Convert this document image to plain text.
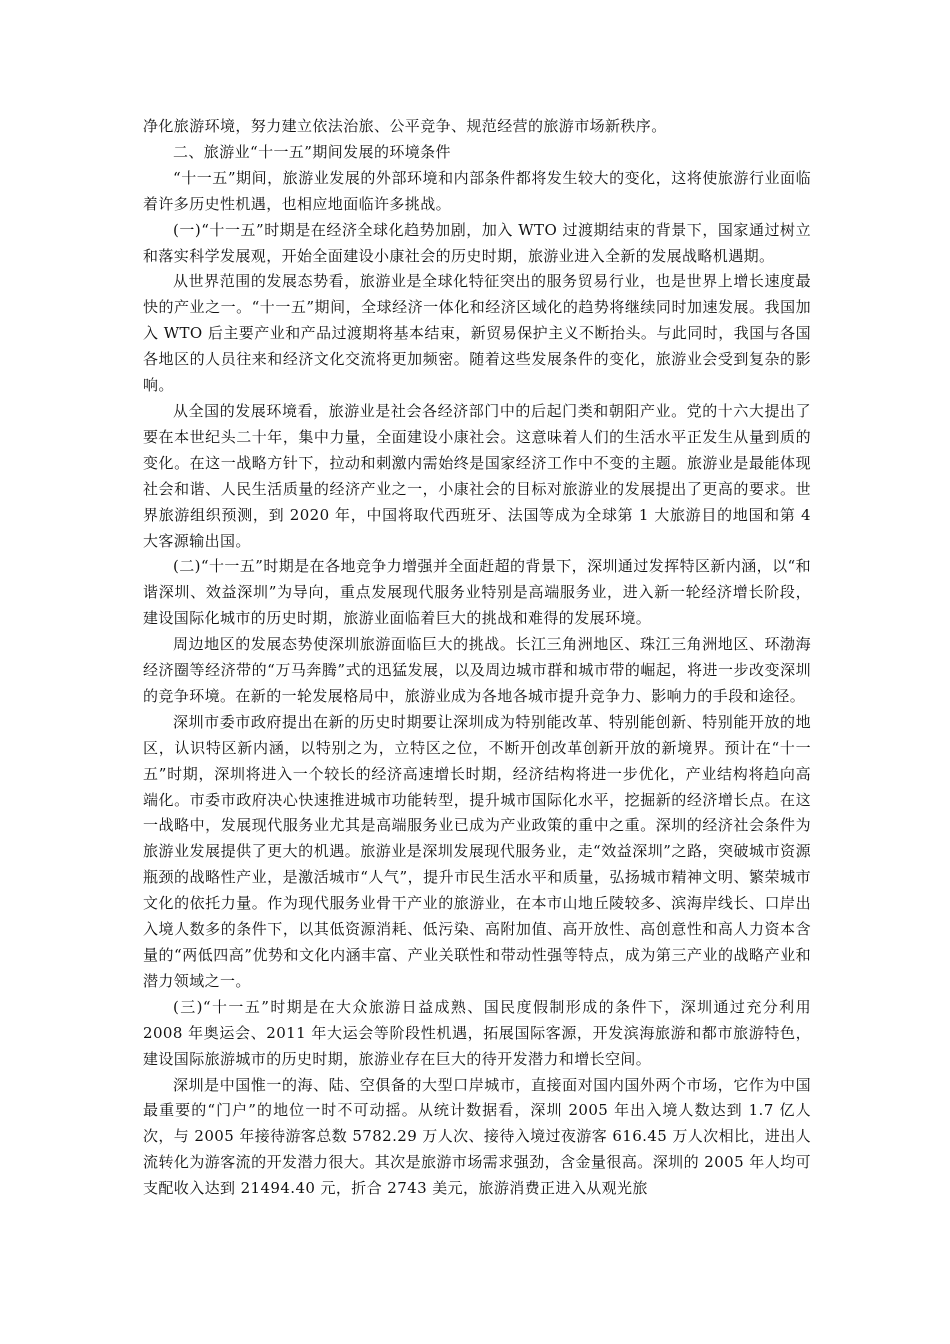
净化旅游环境，努力建立依法治旅、公平竞争、规范经营的旅游市场新秩序。

二、旅游业“十一五”期间发展的环境条件

“十一五”期间，旅游业发展的外部环境和内部条件都将发生较大的变化，这将使旅游行业面临着许多历史性机遇，也相应地面临许多挑战。

(一)“十一五”时期是在经济全球化趋势加剧，加入 WTO 过渡期结束的背景下，国家通过树立和落实科学发展观，开始全面建设小康社会的历史时期，旅游业进入全新的发展战略机遇期。

从世界范围的发展态势看，旅游业是全球化特征突出的服务贸易行业，也是世界上增长速度最快的产业之一。“十一五”期间，全球经济一体化和经济区域化的趋势将继续同时加速发展。我国加入 WTO 后主要产业和产品过渡期将基本结束，新贸易保护主义不断抬头。与此同时，我国与各国各地区的人员往来和经济文化交流将更加频密。随着这些发展条件的变化，旅游业会受到复杂的影响。

从全国的发展环境看，旅游业是社会各经济部门中的后起门类和朝阳产业。党的十六大提出了要在本世纪头二十年，集中力量，全面建设小康社会。这意味着人们的生活水平正发生从量到质的变化。在这一战略方针下，拉动和刺激内需始终是国家经济工作中不变的主题。旅游业是最能体现社会和谐、人民生活质量的经济产业之一，小康社会的目标对旅游业的发展提出了更高的要求。世界旅游组织预测，到 2020 年，中国将取代西班牙、法国等成为全球第 1 大旅游目的地国和第 4 大客源输出国。

(二)“十一五”时期是在各地竞争力增强并全面赶超的背景下，深圳通过发挥特区新内涵，以“和谐深圳、效益深圳”为导向，重点发展现代服务业特别是高端服务业，进入新一轮经济增长阶段，建设国际化城市的历史时期，旅游业面临着巨大的挑战和难得的发展环境。

周边地区的发展态势使深圳旅游面临巨大的挑战。长江三角洲地区、珠江三角洲地区、环渤海经济圈等经济带的“万马奔腾”式的迅猛发展，以及周边城市群和城市带的崛起，将进一步改变深圳的竞争环境。在新的一轮发展格局中，旅游业成为各地各城市提升竞争力、影响力的手段和途径。

深圳市委市政府提出在新的历史时期要让深圳成为特别能改革、特别能创新、特别能开放的地区，认识特区新内涵，以特别之为，立特区之位，不断开创改革创新开放的新境界。预计在“十一五”时期，深圳将进入一个较长的经济高速增长时期，经济结构将进一步优化，产业结构将趋向高端化。市委市政府决心快速推进城市功能转型，提升城市国际化水平，挖掘新的经济增长点。在这一战略中，发展现代服务业尤其是高端服务业已成为产业政策的重中之重。深圳的经济社会条件为旅游业发展提供了更大的机遇。旅游业是深圳发展现代服务业，走“效益深圳”之路，突破城市资源瓶颈的战略性产业，是激活城市“人气”，提升市民生活水平和质量，弘扬城市精神文明、繁荣城市文化的依托力量。作为现代服务业骨干产业的旅游业，在本市山地丘陵较多、滨海岸线长、口岸出入境人数多的条件下，以其低资源消耗、低污染、高附加值、高开放性、高创意性和高人力资本含量的“两低四高”优势和文化内涵丰富、产业关联性和带动性强等特点，成为第三产业的战略产业和潜力领域之一。

(三)“十一五”时期是在大众旅游日益成熟、国民度假制形成的条件下，深圳通过充分利用 2008 年奥运会、2011 年大运会等阶段性机遇，拓展国际客源，开发滨海旅游和都市旅游特色，建设国际旅游城市的历史时期，旅游业存在巨大的待开发潜力和增长空间。

深圳是中国惟一的海、陆、空俱备的大型口岸城市，直接面对国内国外两个市场，它作为中国最重要的“门户”的地位一时不可动摇。从统计数据看，深圳 2005 年出入境人数达到 1.7 亿人次，与 2005 年接待游客总数 5782.29 万人次、接待入境过夜游客 616.45 万人次相比，进出人流转化为游客流的开发潜力很大。其次是旅游市场需求强劲，含金量很高。深圳的 2005 年人均可支配收入达到 21494.40 元，折合 2743 美元，旅游消费正进入从观光旅
